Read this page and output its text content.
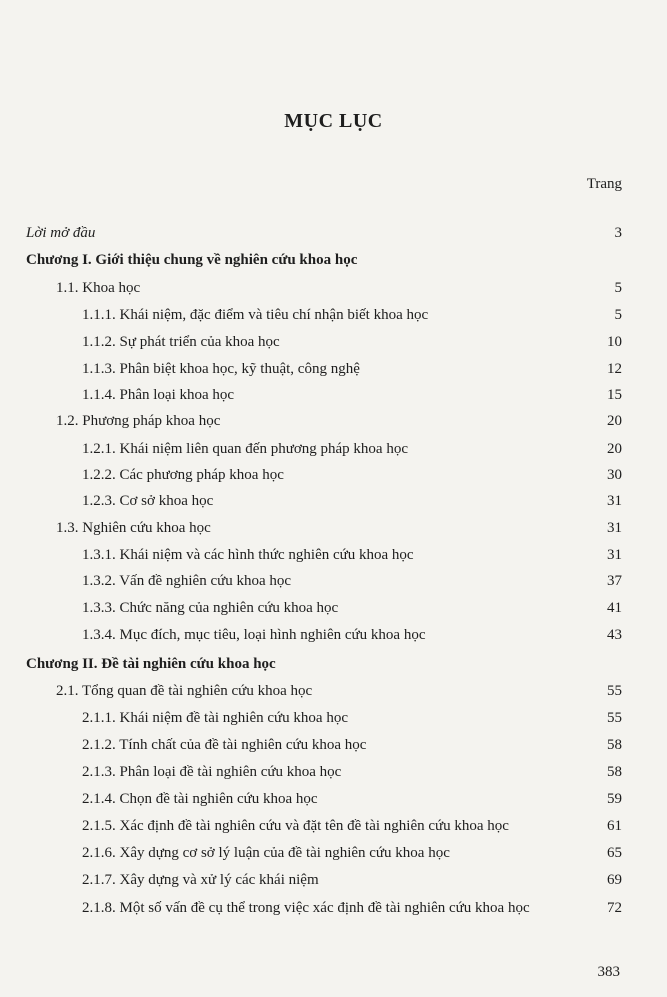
MỤC LỤC
Trang
Lời mở đầu	3
Chương I. Giới thiệu chung về nghiên cứu khoa học
1.1. Khoa học	5
1.1.1. Khái niệm, đặc điểm và tiêu chí nhận biết khoa học	5
1.1.2. Sự phát triển của khoa học	10
1.1.3. Phân biệt khoa học, kỹ thuật, công nghệ	12
1.1.4. Phân loại khoa học	15
1.2. Phương pháp khoa học	20
1.2.1. Khái niệm liên quan đến phương pháp khoa học	20
1.2.2. Các phương pháp khoa học	30
1.2.3. Cơ sở khoa học	31
1.3. Nghiên cứu khoa học	31
1.3.1. Khái niệm và các hình thức nghiên cứu khoa học	31
1.3.2. Vấn đề nghiên cứu khoa học	37
1.3.3. Chức năng của nghiên cứu khoa học	41
1.3.4. Mục đích, mục tiêu, loại hình nghiên cứu khoa học	43
Chương II. Đề tài nghiên cứu khoa học
2.1. Tổng quan đề tài nghiên cứu khoa học	55
2.1.1. Khái niệm đề tài nghiên cứu khoa học	55
2.1.2. Tính chất của đề tài nghiên cứu khoa học	58
2.1.3. Phân loại đề tài nghiên cứu khoa học	58
2.1.4. Chọn đề tài nghiên cứu khoa học	59
2.1.5. Xác định đề tài nghiên cứu và đặt tên đề tài nghiên cứu khoa học	61
2.1.6. Xây dựng cơ sở lý luận của đề tài nghiên cứu khoa học	65
2.1.7. Xây dựng và xử lý các khái niệm	69
2.1.8. Một số vấn đề cụ thể trong việc xác định đề tài nghiên cứu khoa học	72
383
